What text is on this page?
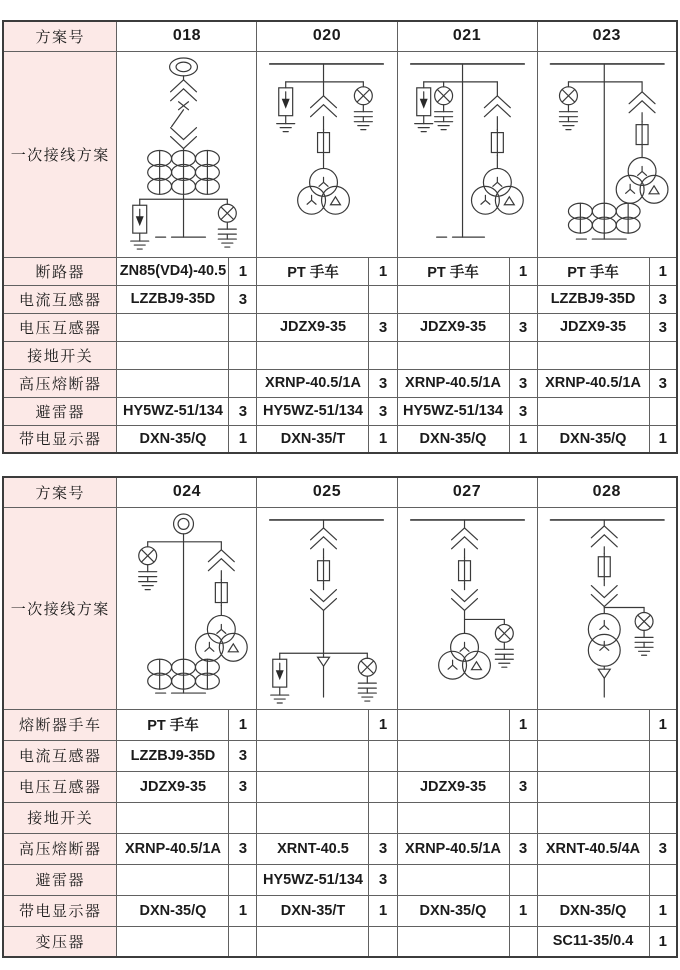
方案号	018		020		021		023	
一次接线方案	

断路器	ZN85(VD4)-40.5	1	PT 手车	1	PT 手车	1	PT 手车	1
电流互感器	LZZBJ9-35D	3					LZZBJ9-35D	3
电压互感器			JDZX9-35	3	JDZX9-35	3	JDZX9-35	3
接地开关								
高压熔断器			XRNP-40.5/1A	3	XRNP-40.5/1A	3	XRNP-40.5/1A	3
避雷器	HY5WZ-51/134	3	HY5WZ-51/134	3	HY5WZ-51/134	3		
带电显示器	DXN-35/Q	1	DXN-35/T	1	DXN-35/Q	1	DXN-35/Q	1
方案号	024		025		027		028	
一次接线方案	

熔断器手车	PT 手车	1		1		1		1
电流互感器	LZZBJ9-35D	3						
电压互感器	JDZX9-35	3			JDZX9-35	3		
接地开关								
高压熔断器	XRNP-40.5/1A	3	XRNT-40.5	3	XRNP-40.5/1A	3	XRNT-40.5/4A	3
避雷器			HY5WZ-51/134	3				
带电显示器	DXN-35/Q	1	DXN-35/T	1	DXN-35/Q	1	DXN-35/Q	1
变压器							SC11-35/0.4	1
